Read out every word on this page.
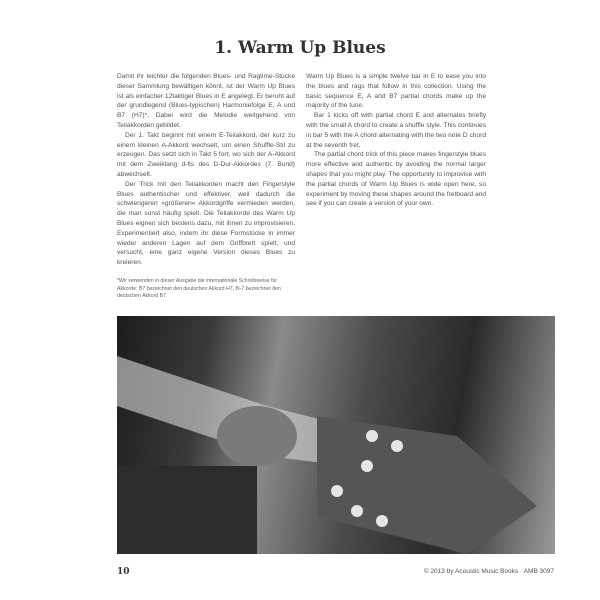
1. Warm Up Blues

Damit ihr leichter die folgenden Blues- und Ragtime-Stücke dieser Sammlung bewältigen könnt, ist der Warm Up Blues ist als einfacher 12taktiger Blues in E angelegt. Er beruht auf der grundlegend (Blues-typischen) Harmoniefolge E, A und B7 (H7)*. Dabei wird die Melodie weitgehend von Teilakkorden gebildet.

Der 1. Takt beginnt mit einem E-Teilakkord, der kurz zu einem kleinen A-Akkord wechselt, um einen Shuffle-Stil zu erzeugen. Das setzt sich in Takt 5 fort, wo sich der A-Akkord mit dem Zweiklang d-fis des D-Dur-Akkordes (7. Bund) abwechselt.

Der Trick mit den Teilakkorden macht den Fingerstyle Blues authentischer und effektiver, weil dadurch die schwierigeren »größeren« Akkordgriffe vermieden werden, die man sonst häufig spielt. Die Teilakkorde des Warm Up Blues eignen sich bestens dazu, mit ihnen zu improvisieren. Experimentiert also, indem ihr diese Formstücke in immer wieder anderen Lagen auf dem Griffbrett spielt, und versucht, eine ganz eigene Version dieses Blues zu kreieren.

*Wir verwenden in dieser Ausgabe die internationale Schreibweise für Akkorde: B7 bezeichnet den deutschen Akkord H7, B♭7 bezeichnet den deutschen Akkord B7.

Warm Up Blues is a simple twelve bar in E to ease you into the blues and rags that follow in this collection. Using the basic sequence E, A and B7 partial chords make up the majority of the tune.

Bar 1 kicks off with partial chord E and alternates briefly with the small A chord to create a shuffle style. This continues in bar 5 with the A chord alternating with the two note D chord at the seventh fret.

The partial chord trick of this piece makes fingerstyle blues more effective and authentic by avoiding the normal larger shapes that you might play. The opportunity to improvise with the partial chords of Warm Up Blues is wide open here, so experiment by moving these shapes around the fretboard and see if you can create a version of your own.

10	© 2013 by Acoustic Music Books · AMB 3097
